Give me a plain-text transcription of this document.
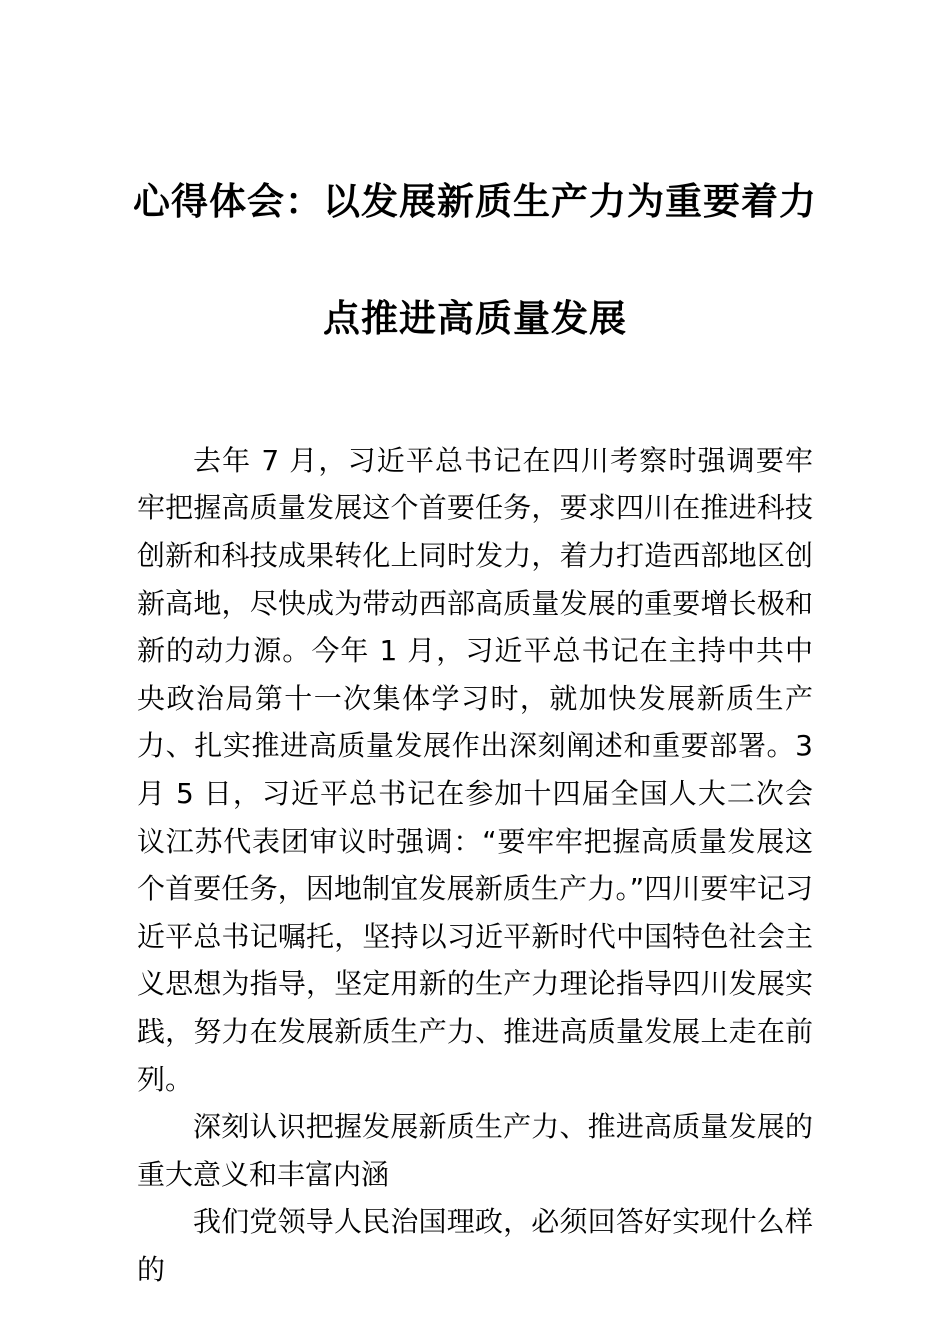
心得体会：以发展新质生产力为重要着力
点推进高质量发展

去年 7 月，习近平总书记在四川考察时强调要牢牢把握高质量发展这个首要任务，要求四川在推进科技创新和科技成果转化上同时发力，着力打造西部地区创新高地，尽快成为带动西部高质量发展的重要增长极和新的动力源。今年 1 月，习近平总书记在主持中共中央政治局第十一次集体学习时，就加快发展新质生产力、扎实推进高质量发展作出深刻阐述和重要部署。3 月 5 日，习近平总书记在参加十四届全国人大二次会议江苏代表团审议时强调：“要牢牢把握高质量发展这个首要任务，因地制宜发展新质生产力。”四川要牢记习近平总书记嘱托，坚持以习近平新时代中国特色社会主义思想为指导，坚定用新的生产力理论指导四川发展实践，努力在发展新质生产力、推进高质量发展上走在前列。

深刻认识把握发展新质生产力、推进高质量发展的重大意义和丰富内涵

我们党领导人民治国理政，必须回答好实现什么样的
